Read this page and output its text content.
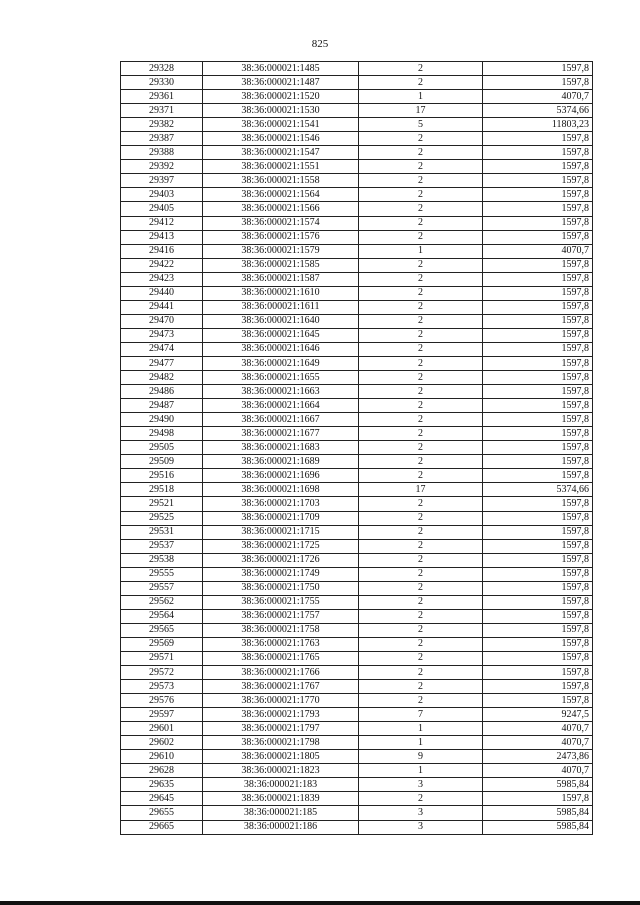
825
29328	38:36:000021:1485	2	1597,8
29330	38:36:000021:1487	2	1597,8
29361	38:36:000021:1520	1	4070,7
29371	38:36:000021:1530	17	5374,66
29382	38:36:000021:1541	5	11803,23
29387	38:36:000021:1546	2	1597,8
29388	38:36:000021:1547	2	1597,8
29392	38:36:000021:1551	2	1597,8
29397	38:36:000021:1558	2	1597,8
29403	38:36:000021:1564	2	1597,8
29405	38:36:000021:1566	2	1597,8
29412	38:36:000021:1574	2	1597,8
29413	38:36:000021:1576	2	1597,8
29416	38:36:000021:1579	1	4070,7
29422	38:36:000021:1585	2	1597,8
29423	38:36:000021:1587	2	1597,8
29440	38:36:000021:1610	2	1597,8
29441	38:36:000021:1611	2	1597,8
29470	38:36:000021:1640	2	1597,8
29473	38:36:000021:1645	2	1597,8
29474	38:36:000021:1646	2	1597,8
29477	38:36:000021:1649	2	1597,8
29482	38:36:000021:1655	2	1597,8
29486	38:36:000021:1663	2	1597,8
29487	38:36:000021:1664	2	1597,8
29490	38:36:000021:1667	2	1597,8
29498	38:36:000021:1677	2	1597,8
29505	38:36:000021:1683	2	1597,8
29509	38:36:000021:1689	2	1597,8
29516	38:36:000021:1696	2	1597,8
29518	38:36:000021:1698	17	5374,66
29521	38:36:000021:1703	2	1597,8
29525	38:36:000021:1709	2	1597,8
29531	38:36:000021:1715	2	1597,8
29537	38:36:000021:1725	2	1597,8
29538	38:36:000021:1726	2	1597,8
29555	38:36:000021:1749	2	1597,8
29557	38:36:000021:1750	2	1597,8
29562	38:36:000021:1755	2	1597,8
29564	38:36:000021:1757	2	1597,8
29565	38:36:000021:1758	2	1597,8
29569	38:36:000021:1763	2	1597,8
29571	38:36:000021:1765	2	1597,8
29572	38:36:000021:1766	2	1597,8
29573	38:36:000021:1767	2	1597,8
29576	38:36:000021:1770	2	1597,8
29597	38:36:000021:1793	7	9247,5
29601	38:36:000021:1797	1	4070,7
29602	38:36:000021:1798	1	4070,7
29610	38:36:000021:1805	9	2473,86
29628	38:36:000021:1823	1	4070,7
29635	38:36:000021:183	3	5985,84
29645	38:36:000021:1839	2	1597,8
29655	38:36:000021:185	3	5985,84
29665	38:36:000021:186	3	5985,84
